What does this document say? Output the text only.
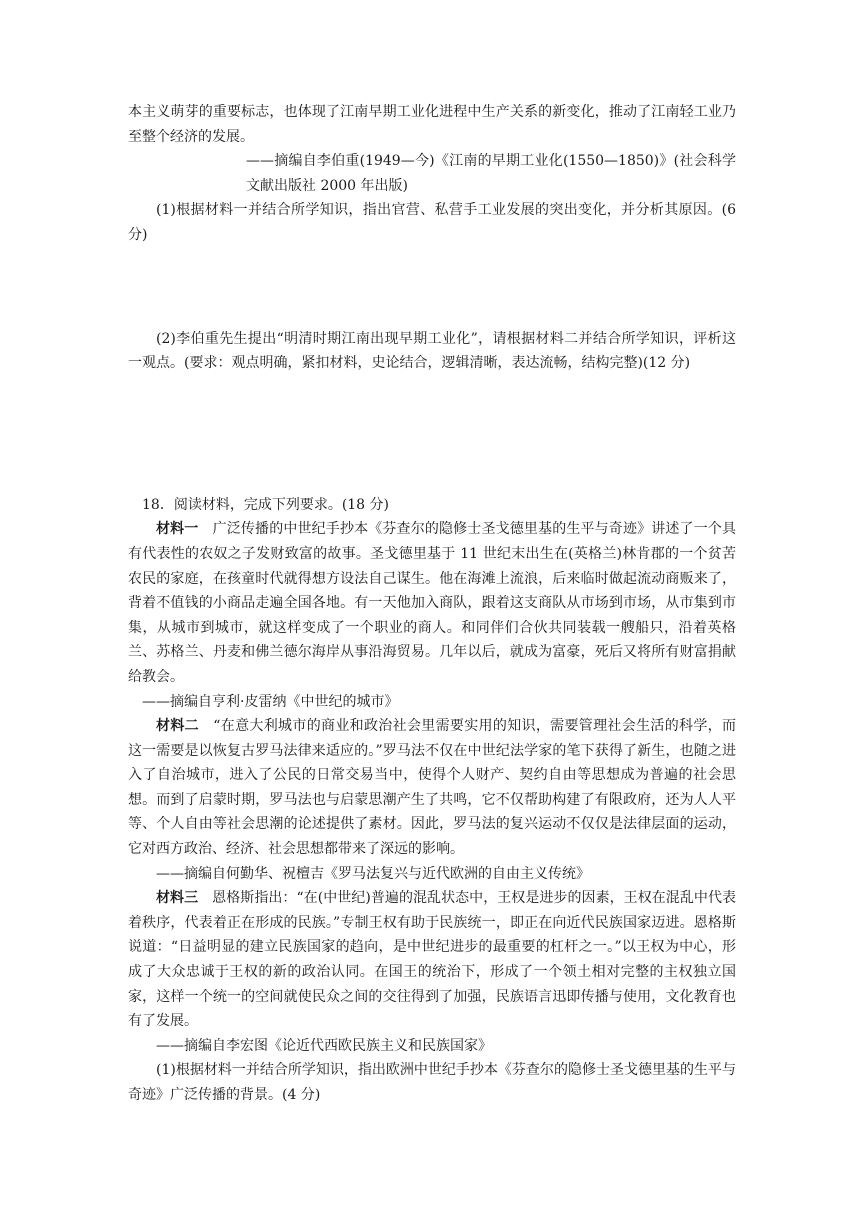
本主义萌芽的重要标志，也体现了江南早期工业化进程中生产关系的新变化，推动了江南轻工业乃至整个经济的发展。

——摘编自李伯重(1949—今)《江南的早期工业化(1550—1850)》(社会科学文献出版社 2000 年出版)

(1)根据材料一并结合所学知识，指出官营、私营手工业发展的突出变化，并分析其原因。(6 分)

(2)李伯重先生提出“明清时期江南出现早期工业化”，请根据材料二并结合所学知识，评析这一观点。(要求：观点明确，紧扣材料，史论结合，逻辑清晰，表达流畅，结构完整)(12 分)

18．阅读材料，完成下列要求。(18 分)

材料一　广泛传播的中世纪手抄本《芬查尔的隐修士圣戈德里基的生平与奇迹》讲述了一个具有代表性的农奴之子发财致富的故事。圣戈德里基于 11 世纪末出生在(英格兰)林肯郡的一个贫苦农民的家庭，在孩童时代就得想方设法自己谋生。他在海滩上流浪，后来临时做起流动商贩来了，背着不值钱的小商品走遍全国各地。有一天他加入商队，跟着这支商队从市场到市场，从市集到市集，从城市到城市，就这样变成了一个职业的商人。和同伴们合伙共同装载一艘船只，沿着英格兰、苏格兰、丹麦和佛兰德尔海岸从事沿海贸易。几年以后，就成为富豪，死后又将所有财富捐献给教会。

——摘编自亨利·皮雷纳《中世纪的城市》

材料二　“在意大利城市的商业和政治社会里需要实用的知识，需要管理社会生活的科学，而这一需要是以恢复古罗马法律来适应的。”罗马法不仅在中世纪法学家的笔下获得了新生，也随之进入了自治城市，进入了公民的日常交易当中，使得个人财产、契约自由等思想成为普遍的社会思想。而到了启蒙时期，罗马法也与启蒙思潮产生了共鸣，它不仅帮助构建了有限政府，还为人人平等、个人自由等社会思潮的论述提供了素材。因此，罗马法的复兴运动不仅仅是法律层面的运动，它对西方政治、经济、社会思想都带来了深远的影响。

——摘编自何勤华、祝檀吉《罗马法复兴与近代欧洲的自由主义传统》

材料三　恩格斯指出：“在(中世纪)普遍的混乱状态中，王权是进步的因素，王权在混乱中代表着秩序，代表着正在形成的民族。”专制王权有助于民族统一，即正在向近代民族国家迈进。恩格斯说道：“日益明显的建立民族国家的趋向，是中世纪进步的最重要的杠杆之一。”以王权为中心，形成了大众忠诚于王权的新的政治认同。在国王的统治下，形成了一个领土相对完整的主权独立国家，这样一个统一的空间就使民众之间的交往得到了加强，民族语言迅即传播与使用，文化教育也有了发展。

——摘编自李宏图《论近代西欧民族主义和民族国家》

(1)根据材料一并结合所学知识，指出欧洲中世纪手抄本《芬查尔的隐修士圣戈德里基的生平与奇迹》广泛传播的背景。(4 分)
